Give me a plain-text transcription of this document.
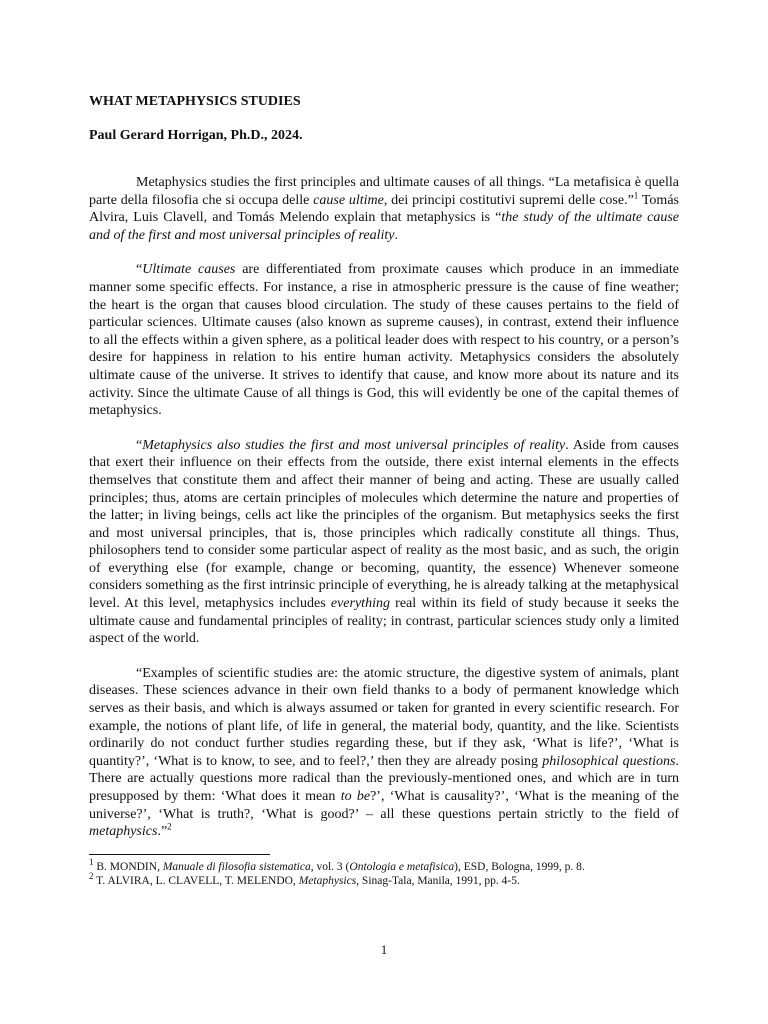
WHAT METAPHYSICS STUDIES

Paul Gerard Horrigan, Ph.D., 2024.

Metaphysics studies the first principles and ultimate causes of all things. “La metafisica è quella parte della filosofia che si occupa delle cause ultime, dei principi costitutivi supremi delle cose.”$^1$ Tomás Alvira, Luis Clavell, and Tomás Melendo explain that metaphysics is “the study of the ultimate cause and of the first and most universal principles of reality.

“Ultimate causes are differentiated from proximate causes which produce in an immediate manner some specific effects. For instance, a rise in atmospheric pressure is the cause of fine weather; the heart is the organ that causes blood circulation. The study of these causes pertains to the field of particular sciences. Ultimate causes (also known as supreme causes), in contrast, extend their influence to all the effects within a given sphere, as a political leader does with respect to his country, or a person’s desire for happiness in relation to his entire human activity. Metaphysics considers the absolutely ultimate cause of the universe. It strives to identify that cause, and know more about its nature and its activity. Since the ultimate Cause of all things is God, this will evidently be one of the capital themes of metaphysics.

“Metaphysics also studies the first and most universal principles of reality. Aside from causes that exert their influence on their effects from the outside, there exist internal elements in the effects themselves that constitute them and affect their manner of being and acting. These are usually called principles; thus, atoms are certain principles of molecules which determine the nature and properties of the latter; in living beings, cells act like the principles of the organism. But metaphysics seeks the first and most universal principles, that is, those principles which radically constitute all things. Thus, philosophers tend to consider some particular aspect of reality as the most basic, and as such, the origin of everything else (for example, change or becoming, quantity, the essence) Whenever someone considers something as the first intrinsic principle of everything, he is already talking at the metaphysical level. At this level, metaphysics includes everything real within its field of study because it seeks the ultimate cause and fundamental principles of reality; in contrast, particular sciences study only a limited aspect of the world.

“Examples of scientific studies are: the atomic structure, the digestive system of animals, plant diseases. These sciences advance in their own field thanks to a body of permanent knowledge which serves as their basis, and which is always assumed or taken for granted in every scientific research. For example, the notions of plant life, of life in general, the material body, quantity, and the like. Scientists ordinarily do not conduct further studies regarding these, but if they ask, ‘What is life?’, ‘What is quantity?’, ‘What is to know, to see, and to feel?,’ then they are already posing philosophical questions. There are actually questions more radical than the previously-mentioned ones, and which are in turn presupposed by them: ‘What does it mean to be?’, ‘What is causality?’, ‘What is the meaning of the universe?’, ‘What is truth?, ‘What is good?’ – all these questions pertain strictly to the field of metaphysics.”$^2$

$^1$ B. MONDIN, Manuale di filosofia sistematica, vol. 3 (Ontologia e metafisica), ESD, Bologna, 1999, p. 8.

$^2$ T. ALVIRA, L. CLAVELL, T. MELENDO, Metaphysics, Sinag-Tala, Manila, 1991, pp. 4-5.

1
